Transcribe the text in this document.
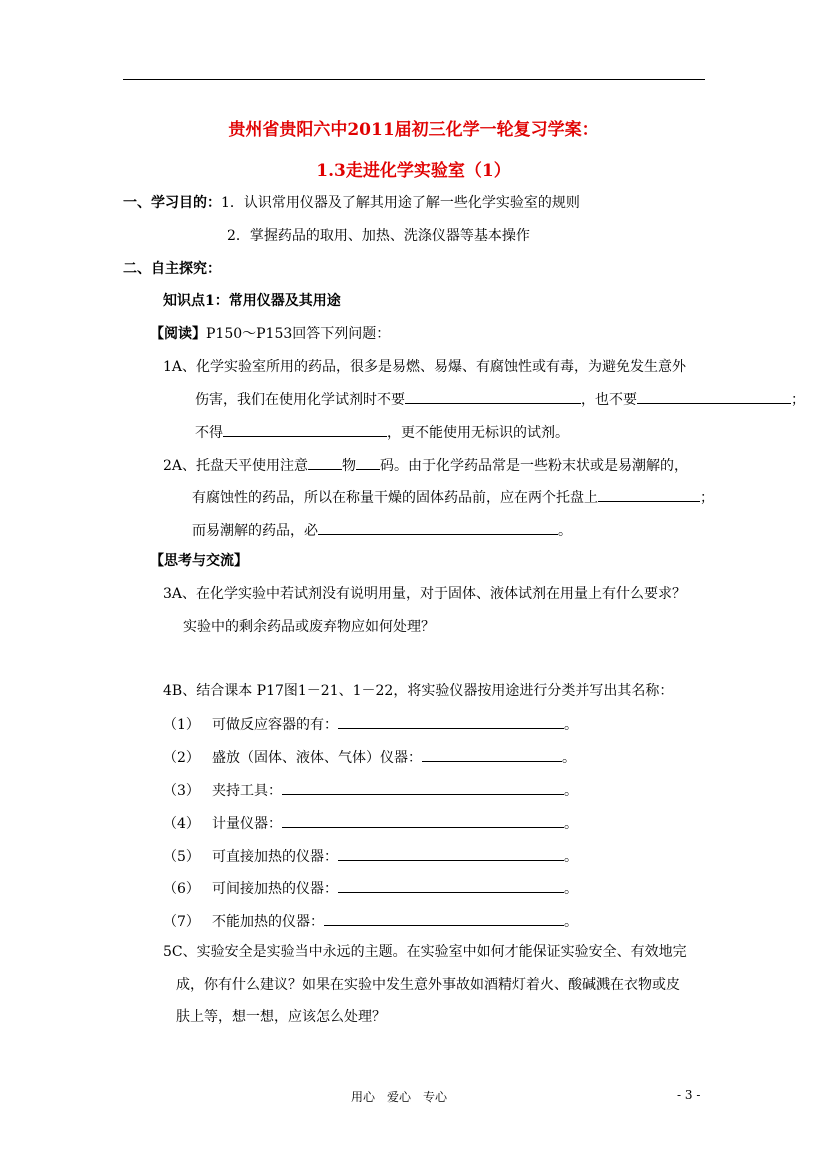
贵州省贵阳六中2011届初三化学一轮复习学案：
1.3走进化学实验室（1）
一、学习目的：1．认识常用仪器及了解其用途了解一些化学实验室的规则
2．掌握药品的取用、加热、洗涤仪器等基本操作
二、自主探究：
知识点1：常用仪器及其用途
【阅读】P150～P153回答下列问题：
1A、化学实验室所用的药品，很多是易燃、易爆、有腐蚀性或有毒，为避免发生意外
伤害，我们在使用化学试剂时不要	，也不要	；
不得	，更不能使用无标识的试剂。
2A、托盘天平使用注意 物 码。由于化学药品常是一些粉末状或是易潮解的，
有腐蚀性的药品，所以在称量干燥的固体药品前，应在两个托盘上	；
而易潮解的药品，必	。
【思考与交流】
3A、在化学实验中若试剂没有说明用量，对于固体、液体试剂在用量上有什么要求？
实验中的剩余药品或废弃物应如何处理？
4B、结合课本 P17图1－21、1－22，将实验仪器按用途进行分类并写出其名称：
（1） 可做反应容器的有：	。
（2） 盛放（固体、液体、气体）仪器：	。
（3） 夹持工具：	。
（4） 计量仪器：	。
（5） 可直接加热的仪器：	。
（6） 可间接加热的仪器：	。
（7） 不能加热的仪器：	。
5C、实验安全是实验当中永远的主题。在实验室中如何才能保证实验安全、有效地完
成，你有什么建议？如果在实验中发生意外事故如酒精灯着火、酸碱溅在衣物或皮
肤上等，想一想，应该怎么处理？
用心　爱心　专心	- 3 -
